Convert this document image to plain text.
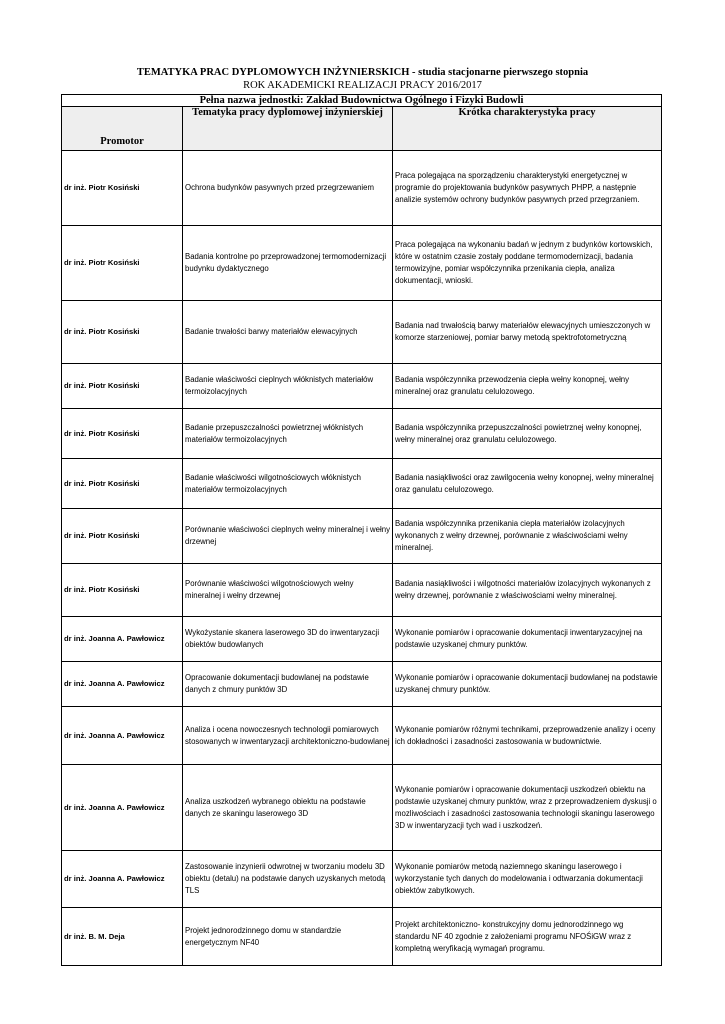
TEMATYKA PRAC DYPLOMOWYCH INŻYNIERSKICH - studia stacjonarne pierwszego stopnia
ROK AKADEMICKI REALIZACJI PRACY 2016/2017
Pełna nazwa jednostki: Zakład Budownictwa Ogólnego i Fizyki Budowli		
Promotor	Tematyka pracy dyplomowej inżynierskiej	Krótka charakterystyka pracy
dr inż. Piotr Kosiński	Ochrona budynków pasywnych przed przegrzewaniem	Praca polegająca na sporządzeniu charakterystyki energetycznej w programie do projektowania budynków pasywnych PHPP, a następnie analizie systemów ochrony budynków pasywnych przed przegrzaniem.
dr inż. Piotr Kosiński	Badania kontrolne po przeprowadzonej termomodernizacji budynku dydaktycznego	Praca polegająca na wykonaniu badań w jednym z budynków kortowskich, które w ostatnim czasie zostały poddane termomodernizacji, badania termowizyjne, pomiar współczynnika przenikania ciepła, analiza dokumentacji, wnioski.
dr inż. Piotr Kosiński	Badanie trwałości barwy materiałów elewacyjnych	Badania nad trwałością barwy materiałów elewacyjnych umieszczonych w komorze starzeniowej, pomiar barwy metodą spektrofotometryczną
dr inż. Piotr Kosiński	Badanie właściwości cieplnych włóknistych materiałów termoizolacyjnych	Badania współczynnika przewodzenia ciepła wełny konopnej, wełny mineralnej oraz granulatu celulozowego.
dr inż. Piotr Kosiński	Badanie przepuszczalności powietrznej włóknistych materiałów termoizolacyjnych	Badania współczynnika przepuszczalności powietrznej wełny konopnej, wełny mineralnej oraz granulatu celulozowego.
dr inż. Piotr Kosiński	Badanie właściwości wilgotnościowych włóknistych materiałów termoizolacyjnych	Badania nasiąkliwości oraz zawilgocenia wełny konopnej, wełny mineralnej oraz ganulatu celulozowego.
dr inż. Piotr Kosiński	Porównanie właściwości cieplnych wełny mineralnej i wełny drzewnej	Badania współczynnika przenikania ciepła materiałów izolacyjnych wykonanych z wełny drzewnej, porównanie z właściwościami wełny mineralnej.
dr inż. Piotr Kosiński	Porównanie właściwości wilgotnościowych wełny mineralnej i wełny drzewnej	Badania nasiąkliwości i wilgotności materiałów izolacyjnych wykonanych z wełny drzewnej, porównanie z właściwościami wełny mineralnej.
dr inż. Joanna A. Pawłowicz	Wykożystanie skanera laserowego 3D do inwentaryzacji obiektów budowlanych	Wykonanie pomiarów i opracowanie dokumentacji inwentaryzacyjnej na podstawie uzyskanej chmury punktów.
dr inż. Joanna A. Pawłowicz	Opracowanie dokumentacji budowlanej na podstawie danych z chmury punktów 3D	Wykonanie pomiarów i opracowanie dokumentacji budowlanej na podstawie uzyskanej chmury punktów.
dr inż. Joanna A. Pawłowicz	Analiza i ocena nowoczesnych technologii pomiarowych stosowanych w inwentaryzacji architektoniczno-budowlanej	Wykonanie pomiarów różnymi technikami, przeprowadzenie analizy i oceny ich dokładności i zasadności zastosowania w budownictwie.
dr inż. Joanna A. Pawłowicz	Analiza uszkodzeń wybranego obiektu na podstawie danych ze skaningu laserowego 3D	Wykonanie pomiarów i opracowanie dokumentacji uszkodzeń obiektu na podstawie uzyskanej chmury punktów, wraz z przeprowadzeniem dyskusji o mozliwościach i zasadności zastosowania technologii skaningu laserowego 3D w inwentaryzacji tych wad i uszkodzeń.
dr inż. Joanna A. Pawłowicz	Zastosowanie inzynierii odwrotnej w tworzaniu modelu 3D obiektu (detalu) na podstawie danych uzyskanych metodą TLS	Wykonanie pomiarów metodą naziemnego skaningu laserowego i wykorzystanie tych danych do modelowania i odtwarzania dokumentacji obiektów zabytkowych.
dr inż. B. M. Deja	Projekt jednorodzinnego domu w standardzie energetycznym NF40	Projekt architektoniczno- konstrukcyjny domu jednorodzinnego wg standardu NF 40 zgodnie z założeniami programu NFOŚiGW wraz z kompletną weryfikacją wymagań programu.
